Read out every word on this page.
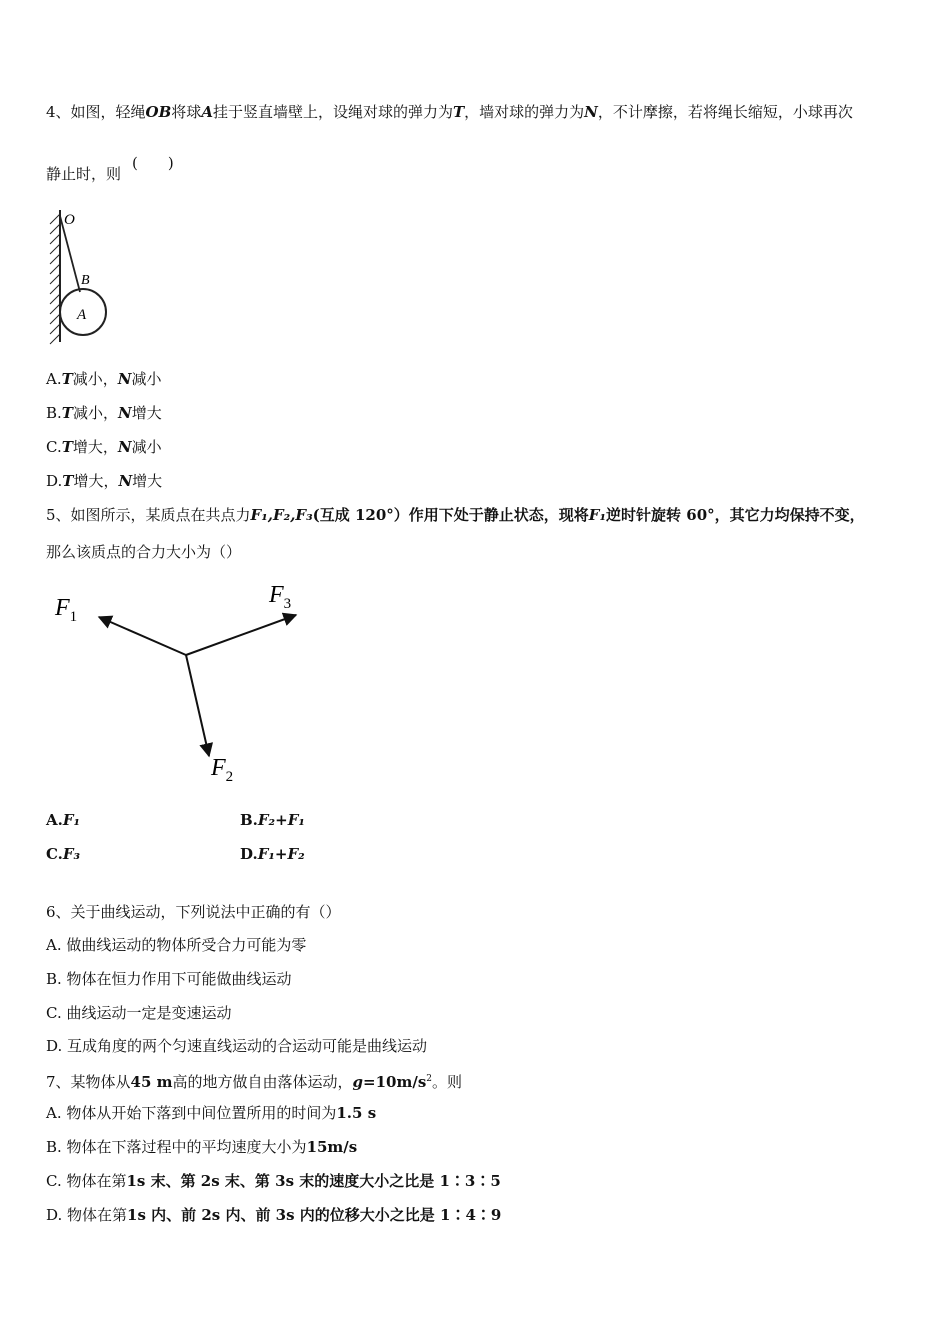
4、如图，轻绳OB将球A挂于竖直墙壁上，设绳对球的弹力为T，墙对球的弹力为N，不计摩擦，若将绳长缩短，小球再次
静止时，则
(　　)
O
B
A
A.T减小，N减小
B.T减小，N增大
C.T增大，N减小
D.T增大，N增大
5、如图所示，某质点在共点力F₁,F₂,F₃(互成 120°）作用下处于静止状态，现将F₁逆时针旋转 60°，其它力均保持不变，
那么该质点的合力大小为（）
$F_1$
$F_3$
$F_2$
A.F₁	B.F₂+F₁
C.F₃	D.F₁+F₂
6、关于曲线运动，下列说法中正确的有（）
A. 做曲线运动的物体所受合力可能为零
B. 物体在恒力作用下可能做曲线运动
C. 曲线运动一定是变速运动
D. 互成角度的两个匀速直线运动的合运动可能是曲线运动
7、某物体从45 m高的地方做自由落体运动，$g=10m/s^2$。则
A. 物体从开始下落到中间位置所用的时间为1.5 s
B. 物体在下落过程中的平均速度大小为15m/s
C. 物体在第1s 末、第 2s 末、第 3s 末的速度大小之比是 1∶3∶5
D. 物体在第1s 内、前 2s 内、前 3s 内的位移大小之比是 1∶4∶9
